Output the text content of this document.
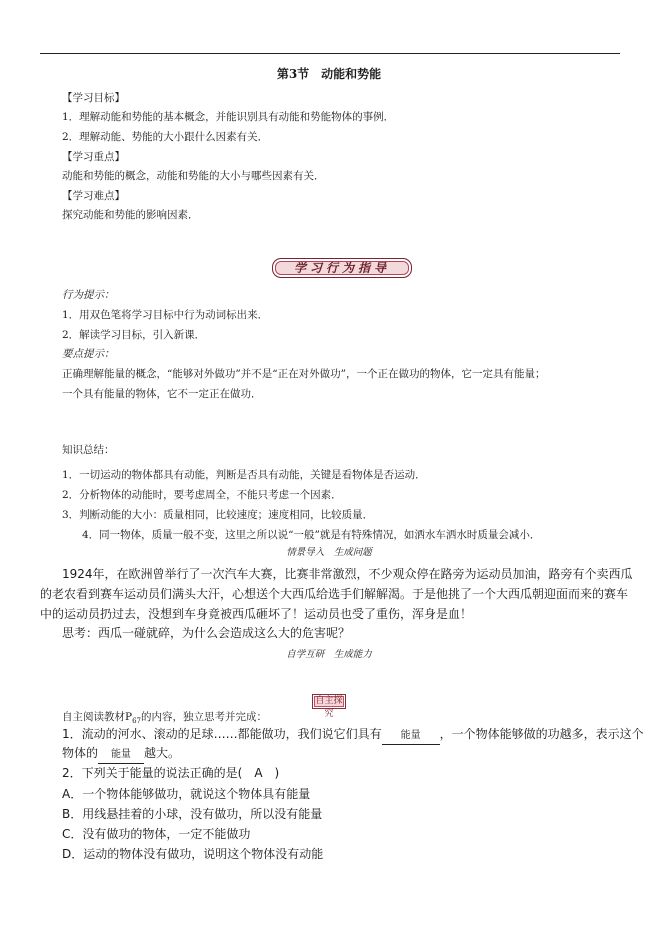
第3节　动能和势能
【学习目标】
1．理解动能和势能的基本概念，并能识别具有动能和势能物体的事例．
2．理解动能、势能的大小跟什么因素有关．
【学习重点】
动能和势能的概念，动能和势能的大小与哪些因素有关．
【学习难点】
探究动能和势能的影响因素．
学习行为指导
行为提示：
1．用双色笔将学习目标中行为动词标出来．
2．解读学习目标，引入新课．
要点提示：
正确理解能量的概念，“能够对外做功”并不是“正在对外做功”，一个正在做功的物体，它一定具有能量；
一个具有能量的物体，它不一定正在做功．
知识总结：
1．一切运动的物体都具有动能，判断是否具有动能，关键是看物体是否运动．
2．分析物体的动能时，要考虑周全，不能只考虑一个因素．
3．判断动能的大小：质量相同，比较速度；速度相同，比较质量．
4．同一物体，质量一般不变，这里之所以说“一般”就是有特殊情况，如洒水车洒水时质量会减小．
情景导入　生成问题
1924年，在欧洲曾举行了一次汽车大赛，比赛非常激烈，不少观众停在路旁为运动员加油，路旁有个卖西瓜
的老农看到赛车运动员们满头大汗，心想送个大西瓜给选手们解解渴。于是他挑了一个大西瓜朝迎面而来的赛车
中的运动员扔过去，没想到车身竟被西瓜砸坏了！运动员也受了重伤，浑身是血！
思考：西瓜一碰就碎，为什么会造成这么大的危害呢？
自学互研　生成能力
自主探究
自主阅读教材$P_{67}$的内容，独立思考并完成：
1．流动的河水、滚动的足球……都能做功，我们说它们具有 能量 ，一个物体能够做的功越多，表示这个
物体的 能量 越大。
2．下列关于能量的说法正确的是(　A　)
A．一个物体能够做功，就说这个物体具有能量
B．用线悬挂着的小球，没有做功，所以没有能量
C．没有做功的物体，一定不能做功
D．运动的物体没有做功，说明这个物体没有动能
